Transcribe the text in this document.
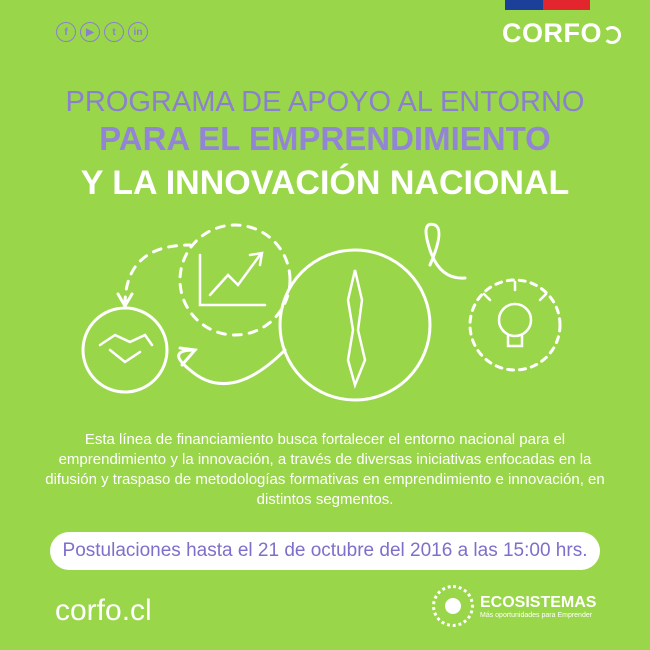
f	▶	t	in	CORFO
PROGRAMA DE APOYO AL ENTORNO
PARA EL EMPRENDIMIENTO
Y LA INNOVACIÓN NACIONAL
Esta línea de financiamiento busca fortalecer el entorno nacional para el emprendimiento y la innovación, a través de diversas iniciativas enfocadas en la difusión y traspaso de metodologías formativas en emprendimiento e innovación, en distintos segmentos.
Postulaciones hasta el 21 de octubre del 2016 a las 15:00 hrs.
corfo.cl	ECOSISTEMAS
Más oportunidades para Emprender
